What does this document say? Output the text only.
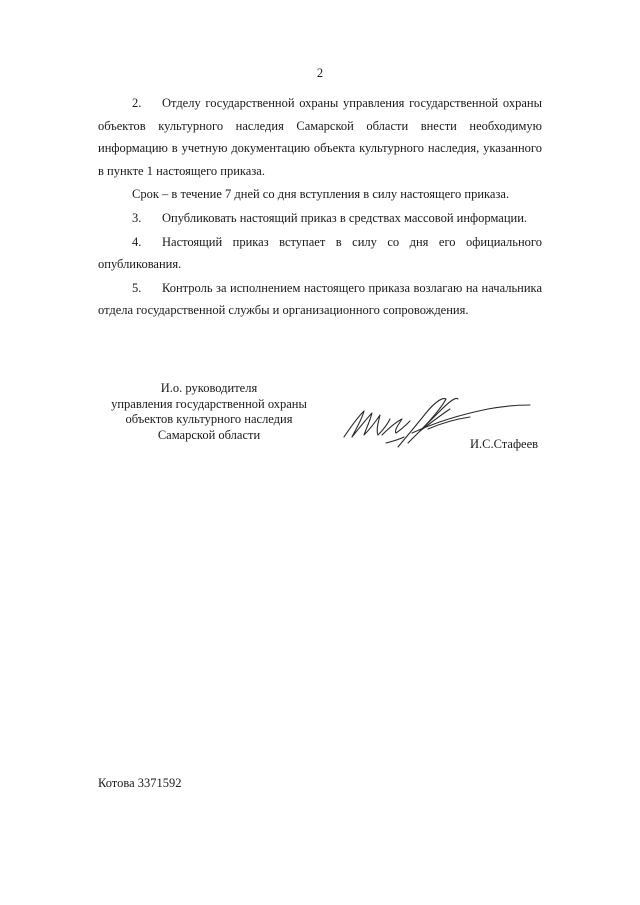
2

2. Отделу государственной охраны управления государственной охраны объектов культурного наследия Самарской области внести необходимую информацию в учетную документацию объекта культурного наследия, указанного в пункте 1 настоящего приказа.

Срок – в течение 7 дней со дня вступления в силу настоящего приказа.

3. Опубликовать настоящий приказ в средствах массовой информации.

4. Настоящий приказ вступает в силу со дня его официального опубликования.

5. Контроль за исполнением настоящего приказа возлагаю на начальника отдела государственной службы и организационного сопровождения.

И.о. руководителя
управления государственной охраны
объектов культурного наследия
Самарской области
И.С.Стафеев
Котова 3371592
